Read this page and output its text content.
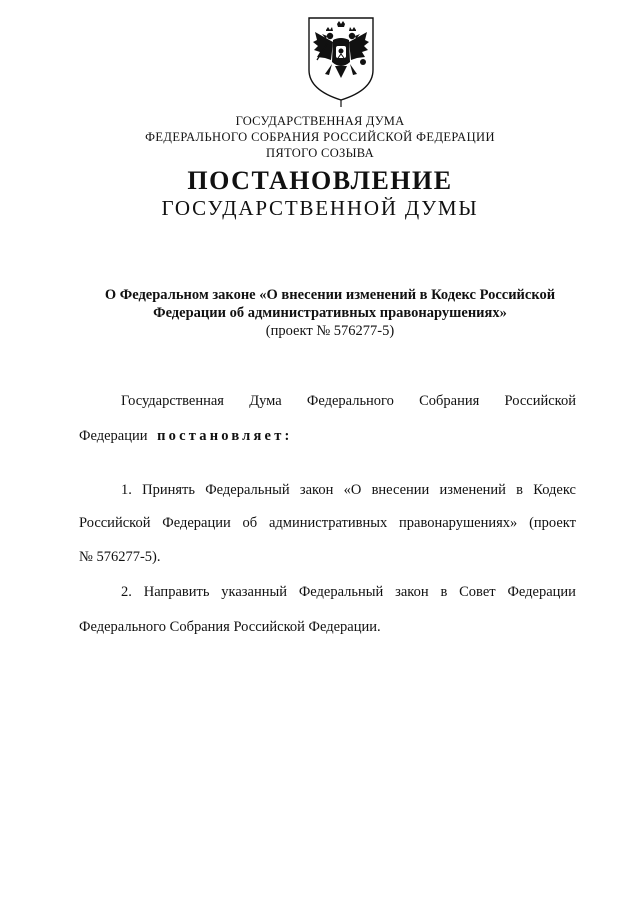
ГОСУДАРСТВЕННАЯ ДУМА
ФЕДЕРАЛЬНОГО СОБРАНИЯ РОССИЙСКОЙ ФЕДЕРАЦИИ
ПЯТОГО СОЗЫВА
ПОСТАНОВЛЕНИЕ
ГОСУДАРСТВЕННОЙ ДУМЫ
О Федеральном законе «О внесении изменений в Кодекс Российской
Федерации об административных правонарушениях»
(проект № 576277-5)
Государственная Дума Федерального Собрания Российской
Федерации постановляет:
1. Принять Федеральный закон «О внесении изменений в Кодекс
Российской Федерации об административных правонарушениях» (проект
№ 576277-5).
2. Направить указанный Федеральный закон в Совет Федерации
Федерального Собрания Российской Федерации.
